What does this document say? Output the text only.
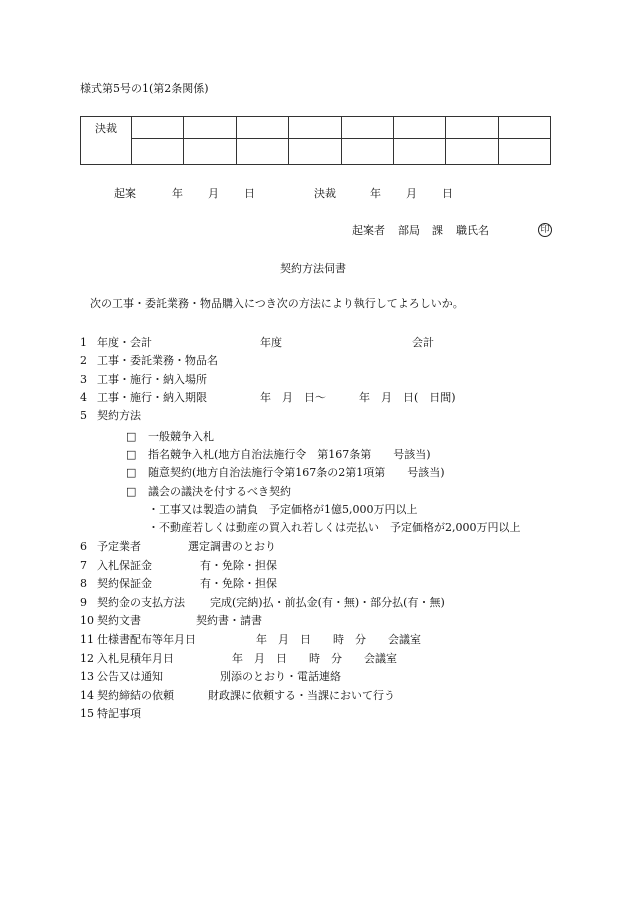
様式第5号の1(第2条関係)
決裁								

起案	年 月 日	決裁	年 月 日
起案者 部局 課 職氏名	印
契約方法伺書
次の工事・委託業務・物品購入につき次の方法により執行してよろしいか。
1 年度・会計	年度	会計
2 工事・委託業務・物品名
3 工事・施行・納入場所
4 工事・施行・納入期限	年　月　日～　　　年　月　日(　日間)
5 契約方法
□ 一般競争入札
□ 指名競争入札(地方自治法施行令　第167条第　　号該当)
□ 随意契約(地方自治法施行令第167条の2第1項第　　号該当)
□ 議会の議決を付するべき契約
・工事又は製造の請負　予定価格が1億5,000万円以上
・不動産若しくは動産の買入れ若しくは売払い　予定価格が2,000万円以上
6 予定業者	選定調書のとおり
7 入札保証金	有・免除・担保
8 契約保証金	有・免除・担保
9 契約金の支払方法 完成(完納)払・前払金(有・無)・部分払(有・無)
10 契約文書	契約書・請書
11 仕様書配布等年月日	年　月　日　　時　分　　会議室
12 入札見積年月日	年　月　日　　時　分　　会議室
13 公告又は通知	別添のとおり・電話連絡
14 契約締結の依頼	財政課に依頼する・当課において行う
15 特記事項
